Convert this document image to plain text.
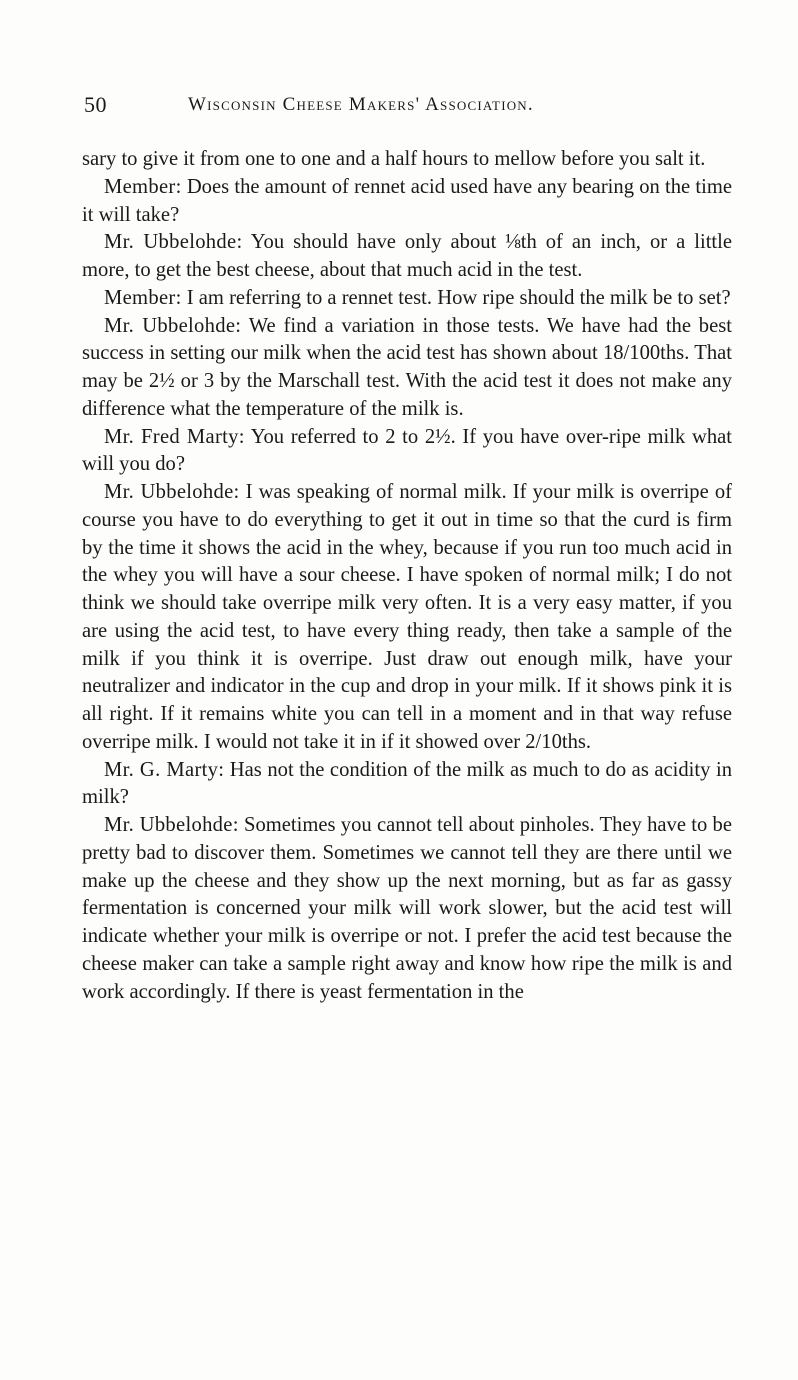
50	Wisconsin Cheese Makers' Association.

sary to give it from one to one and a half hours to mellow before you salt it.

Member: Does the amount of rennet acid used have any bearing on the time it will take?

Mr. Ubbelohde: You should have only about ⅛th of an inch, or a little more, to get the best cheese, about that much acid in the test.

Member: I am referring to a rennet test. How ripe should the milk be to set?

Mr. Ubbelohde: We find a variation in those tests. We have had the best success in setting our milk when the acid test has shown about 18/100ths. That may be 2½ or 3 by the Marschall test. With the acid test it does not make any difference what the temperature of the milk is.

Mr. Fred Marty: You referred to 2 to 2½. If you have over-ripe milk what will you do?

Mr. Ubbelohde: I was speaking of normal milk. If your milk is overripe of course you have to do everything to get it out in time so that the curd is firm by the time it shows the acid in the whey, because if you run too much acid in the whey you will have a sour cheese. I have spoken of normal milk; I do not think we should take overripe milk very often. It is a very easy matter, if you are using the acid test, to have every thing ready, then take a sample of the milk if you think it is overripe. Just draw out enough milk, have your neutralizer and indicator in the cup and drop in your milk. If it shows pink it is all right. If it remains white you can tell in a moment and in that way refuse overripe milk. I would not take it in if it showed over 2/10ths.

Mr. G. Marty: Has not the condition of the milk as much to do as acidity in milk?

Mr. Ubbelohde: Sometimes you cannot tell about pinholes. They have to be pretty bad to discover them. Sometimes we cannot tell they are there until we make up the cheese and they show up the next morning, but as far as gassy fermentation is concerned your milk will work slower, but the acid test will indicate whether your milk is overripe or not. I prefer the acid test because the cheese maker can take a sample right away and know how ripe the milk is and work accordingly. If there is yeast fermentation in the
